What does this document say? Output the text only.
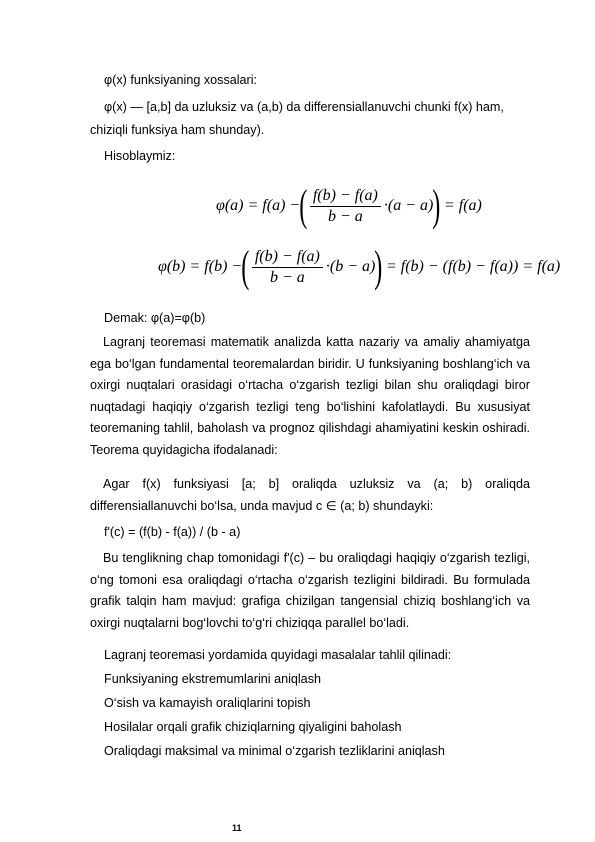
φ(x) funksiyaning xossalari:
φ(x) — [a,b] da uzluksiz va (a,b) da differensiallanuvchi chunki f(x) ham,
chiziqli funksiya ham shunday).
Hisoblaymiz:
φ(a) = f(a) − ( $\frac{f(b) - f(a)}{b - a} \cdot(a - a)$ ) = f(a)
φ(b) = f(b) − ( $\frac{f(b) - f(a)}{b - a} \cdot(b - a)$ ) = f(b) − (f(b) − f(a)) = f(a)
Demak: φ(a)=φ(b)

Lagranj teoremasi matematik analizda katta nazariy va amaliy ahamiyatga ega bo‘lgan fundamental teoremalardan biridir. U funksiyaning boshlang‘ich va oxirgi nuqtalari orasidagi o‘rtacha o‘zgarish tezligi bilan shu oraliqdagi biror nuqtadagi haqiqiy o‘zgarish tezligi teng bo‘lishini kafolatlaydi. Bu xususiyat teoremaning tahlil, baholash va prognoz qilishdagi ahamiyatini keskin oshiradi. Teorema quyidagicha ifodalanadi:

Agar f(x) funksiyasi [a; b] oraliqda uzluksiz va (a; b) oraliqda differensiallanuvchi bo‘lsa, unda mavjud c ∈ (a; b) shundayki:

f'(c) = (f(b) - f(a)) / (b - a)

Bu tenglikning chap tomonidagi f'(c) – bu oraliqdagi haqiqiy o‘zgarish tezligi, o‘ng tomoni esa oraliqdagi o‘rtacha o‘zgarish tezligini bildiradi. Bu formulada grafik talqin ham mavjud: grafiga chizilgan tangensial chiziq boshlang‘ich va oxirgi nuqtalarni bog‘lovchi to‘g‘ri chiziqqa parallel bo‘ladi.

Lagranj teoremasi yordamida quyidagi masalalar tahlil qilinadi:
Funksiyaning ekstremumlarini aniqlash
O‘sish va kamayish oraliqlarini topish
Hosilalar orqali grafik chiziqlarning qiyaligini baholash
Oraliqdagi maksimal va minimal o‘zgarish tezliklarini aniqlash
11
